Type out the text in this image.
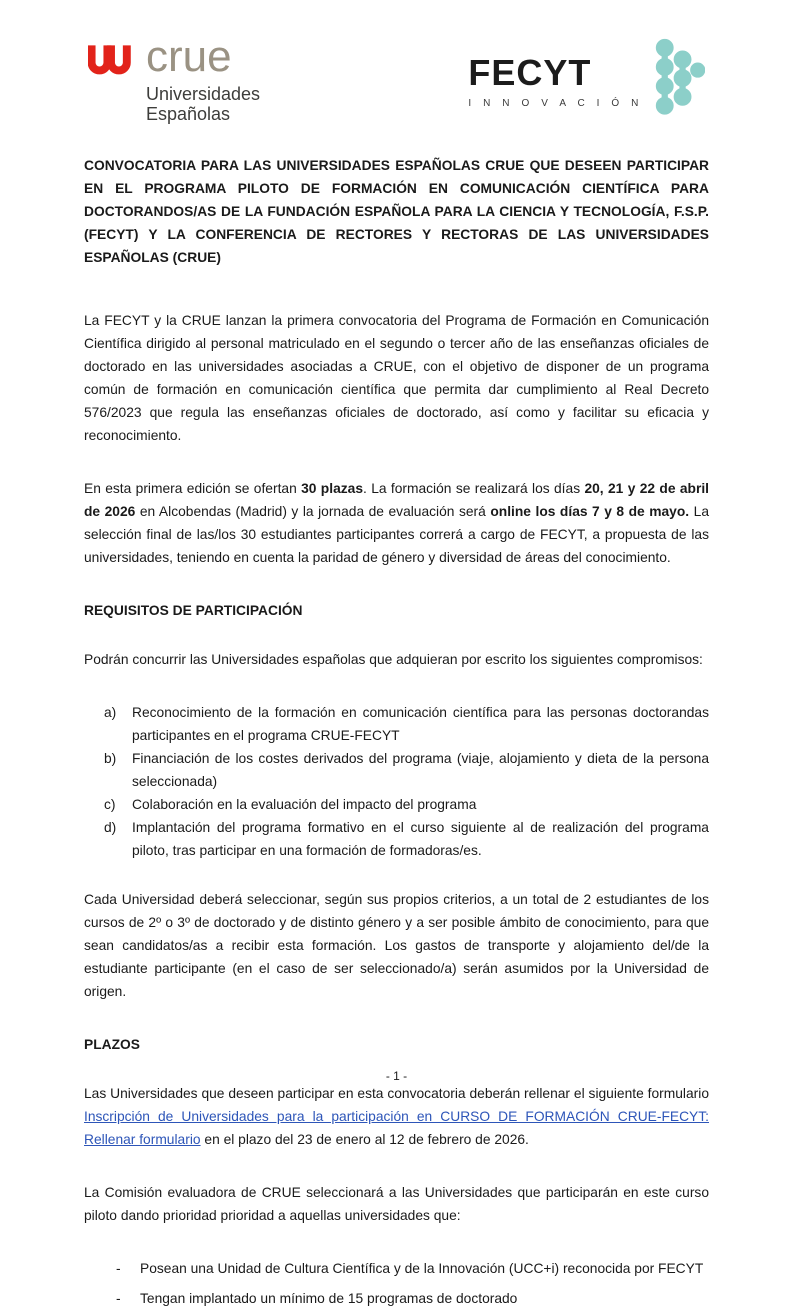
crue
Universidades
Españolas
FECYT
I N N O V A C I Ó N

CONVOCATORIA PARA LAS UNIVERSIDADES ESPAÑOLAS CRUE QUE DESEEN PARTICIPAR EN EL PROGRAMA PILOTO DE FORMACIÓN EN COMUNICACIÓN CIENTÍFICA PARA DOCTORANDOS/AS DE LA FUNDACIÓN ESPAÑOLA PARA LA CIENCIA Y TECNOLOGÍA, F.S.P. (FECYT) Y LA CONFERENCIA DE RECTORES Y RECTORAS DE LAS UNIVERSIDADES ESPAÑOLAS (CRUE)

La FECYT y la CRUE lanzan la primera convocatoria del Programa de Formación en Comunicación Científica dirigido al personal matriculado en el segundo o tercer año de las enseñanzas oficiales de doctorado en las universidades asociadas a CRUE, con el objetivo de disponer de un programa común de formación en comunicación científica que permita dar cumplimiento al Real Decreto 576/2023 que regula las enseñanzas oficiales de doctorado, así como y facilitar su eficacia y reconocimiento.

En esta primera edición se ofertan 30 plazas. La formación se realizará los días 20, 21 y 22 de abril de 2026 en Alcobendas (Madrid) y la jornada de evaluación será online los días 7 y 8 de mayo. La selección final de las/los 30 estudiantes participantes correrá a cargo de FECYT, a propuesta de las universidades, teniendo en cuenta la paridad de género y diversidad de áreas del conocimiento.

REQUISITOS DE PARTICIPACIÓN

Podrán concurrir las Universidades españolas que adquieran por escrito los siguientes compromisos:

a)	Reconocimiento de la formación en comunicación científica para las personas doctorandas participantes en el programa CRUE-FECYT
b)	Financiación de los costes derivados del programa (viaje, alojamiento y dieta de la persona seleccionada)
c)	Colaboración en la evaluación del impacto del programa
d)	Implantación del programa formativo en el curso siguiente al de realización del programa piloto, tras participar en una formación de formadoras/es.

Cada Universidad deberá seleccionar, según sus propios criterios, a un total de 2 estudiantes de los cursos de 2º o 3º de doctorado y de distinto género y a ser posible ámbito de conocimiento, para que sean candidatos/as a recibir esta formación. Los gastos de transporte y alojamiento del/de la estudiante participante (en el caso de ser seleccionado/a) serán asumidos por la Universidad de origen.

PLAZOS

Las Universidades que deseen participar en esta convocatoria deberán rellenar el siguiente formulario Inscripción de Universidades para la participación en CURSO DE FORMACIÓN CRUE-FECYT: Rellenar formulario en el plazo del 23 de enero al 12 de febrero de 2026.

La Comisión evaluadora de CRUE seleccionará a las Universidades que participarán en este curso piloto dando prioridad prioridad a aquellas universidades que:

-	Posean una Unidad de Cultura Científica y de la Innovación (UCC+i) reconocida por FECYT
-	Tengan implantado un mínimo de 15 programas de doctorado
- 1 -
